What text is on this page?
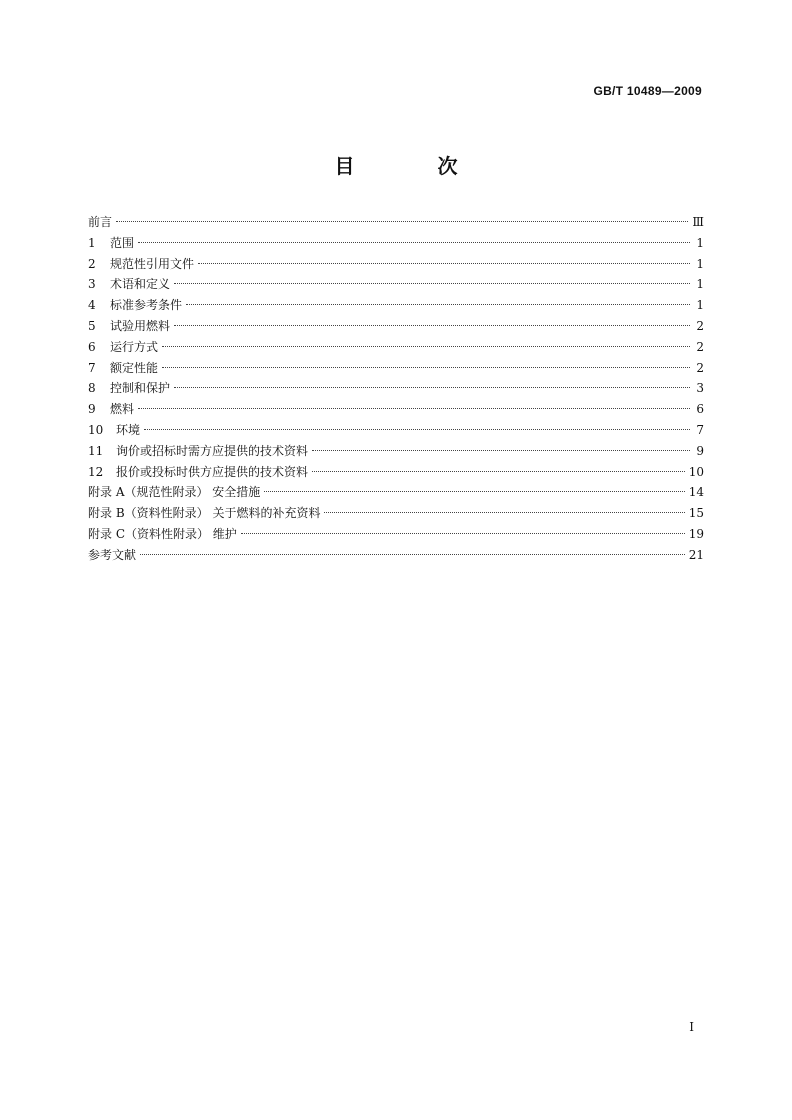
GB/T 10489—2009
目 次
前言	Ⅲ
1 范围	1
2 规范性引用文件	1
3 术语和定义	1
4 标准参考条件	1
5 试验用燃料	2
6 运行方式	2
7 额定性能	2
8 控制和保护	3
9 燃料	6
10 环境	7
11 询价或招标时需方应提供的技术资料	9
12 报价或投标时供方应提供的技术资料	10
附录 A（规范性附录） 安全措施	14
附录 B（资料性附录） 关于燃料的补充资料	15
附录 C（资料性附录） 维护	19
参考文献	21
I
